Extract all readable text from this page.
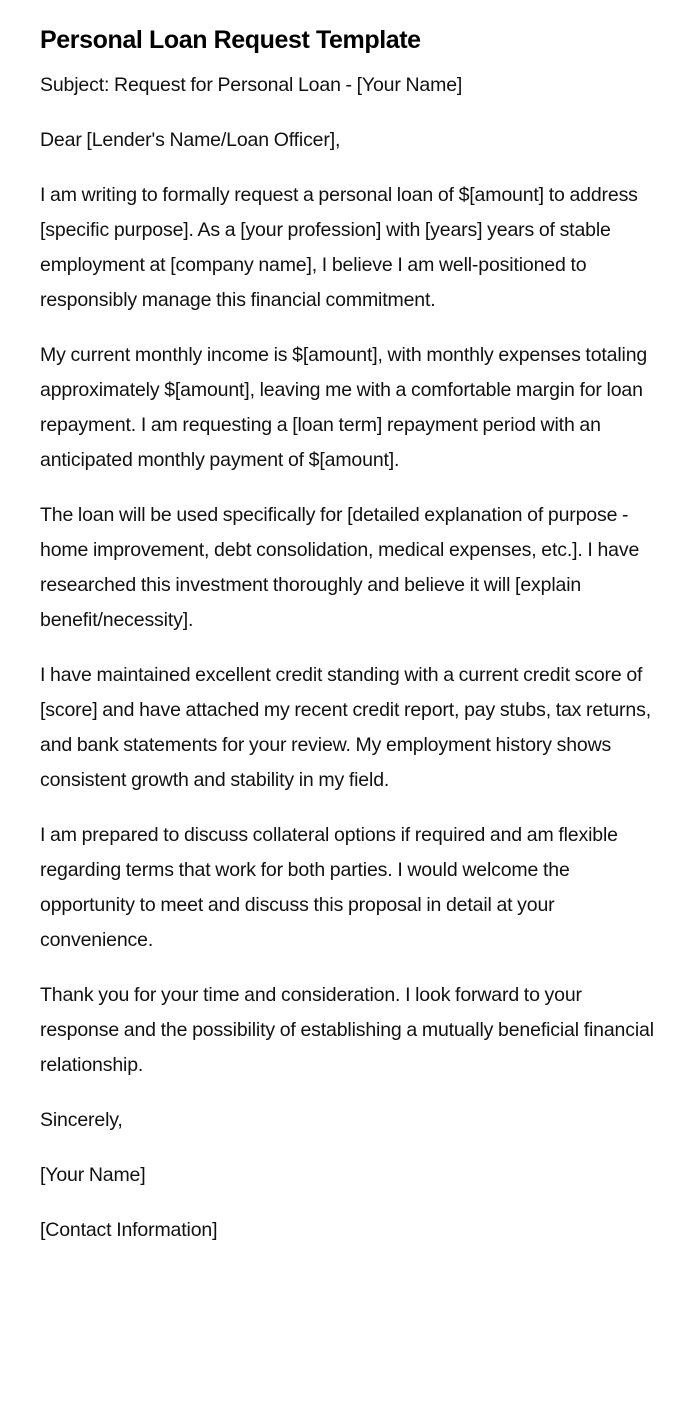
Personal Loan Request Template

Subject: Request for Personal Loan - [Your Name]

Dear [Lender's Name/Loan Officer],

I am writing to formally request a personal loan of $[amount] to address [specific purpose]. As a [your profession] with [years] years of stable employment at [company name], I believe I am well-positioned to responsibly manage this financial commitment.

My current monthly income is $[amount], with monthly expenses totaling approximately $[amount], leaving me with a comfortable margin for loan repayment. I am requesting a [loan term] repayment period with an anticipated monthly payment of $[amount].

The loan will be used specifically for [detailed explanation of purpose - home improvement, debt consolidation, medical expenses, etc.]. I have researched this investment thoroughly and believe it will [explain benefit/necessity].

I have maintained excellent credit standing with a current credit score of [score] and have attached my recent credit report, pay stubs, tax returns, and bank statements for your review. My employment history shows consistent growth and stability in my field.

I am prepared to discuss collateral options if required and am flexible regarding terms that work for both parties. I would welcome the opportunity to meet and discuss this proposal in detail at your convenience.

Thank you for your time and consideration. I look forward to your response and the possibility of establishing a mutually beneficial financial relationship.

Sincerely,

[Your Name]

[Contact Information]
